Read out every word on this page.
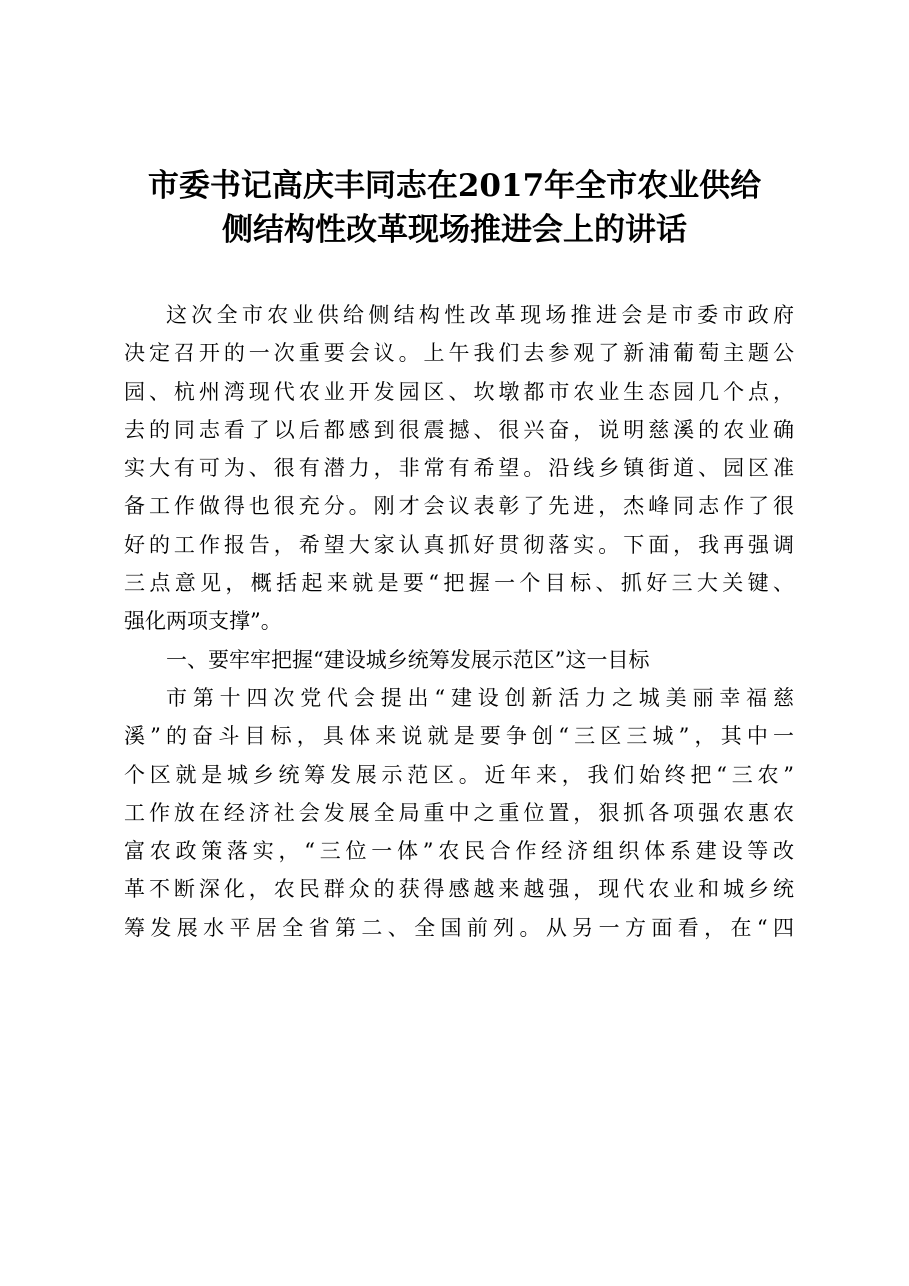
市委书记高庆丰同志在2017年全市农业供给
侧结构性改革现场推进会上的讲话

这次全市农业供给侧结构性改革现场推进会是市委市政府
决定召开的一次重要会议。上午我们去参观了新浦葡萄主题公
园、杭州湾现代农业开发园区、坎墩都市农业生态园几个点，
去的同志看了以后都感到很震撼、很兴奋，说明慈溪的农业确
实大有可为、很有潜力，非常有希望。沿线乡镇街道、园区准
备工作做得也很充分。刚才会议表彰了先进，杰峰同志作了很
好的工作报告，希望大家认真抓好贯彻落实。下面，我再强调
三点意见，概括起来就是要“把握一个目标、抓好三大关键、
强化两项支撑”。

一、要牢牢把握“建设城乡统筹发展示范区”这一目标

市第十四次党代会提出“建设创新活力之城美丽幸福慈
溪”的奋斗目标，具体来说就是要争创“三区三城”，其中一
个区就是城乡统筹发展示范区。近年来，我们始终把“三农”
工作放在经济社会发展全局重中之重位置，狠抓各项强农惠农
富农政策落实，“三位一体”农民合作经济组织体系建设等改
革不断深化，农民群众的获得感越来越强，现代农业和城乡统
筹发展水平居全省第二、全国前列。从另一方面看，在“四
